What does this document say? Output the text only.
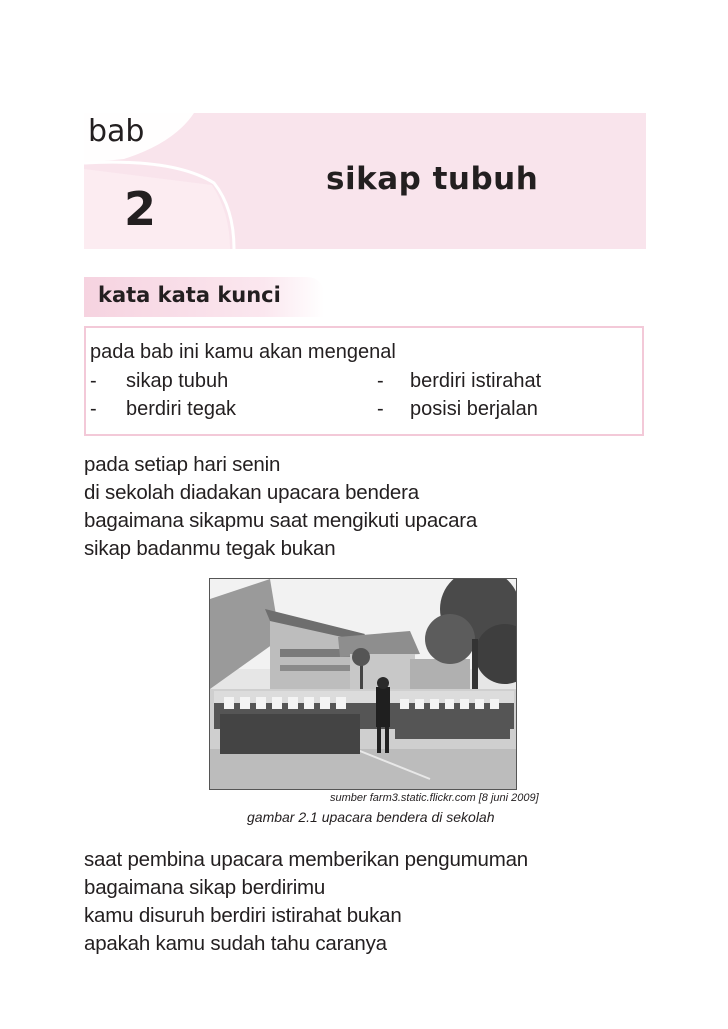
bab
2
sikap tubuh
kata kata kunci
pada bab ini kamu akan mengenal
- sikap tubuh	- berdiri istirahat
- berdiri tegak	- posisi berjalan
pada setiap hari senin
di sekolah diadakan upacara bendera
bagaimana sikapmu saat mengikuti upacara
sikap badanmu tegak bukan
sumber farm3.static.flickr.com [8 juni 2009]
gambar 2.1 upacara bendera di sekolah
saat pembina upacara memberikan pengumuman
bagaimana sikap berdirimu
kamu disuruh berdiri istirahat bukan
apakah kamu sudah tahu caranya
